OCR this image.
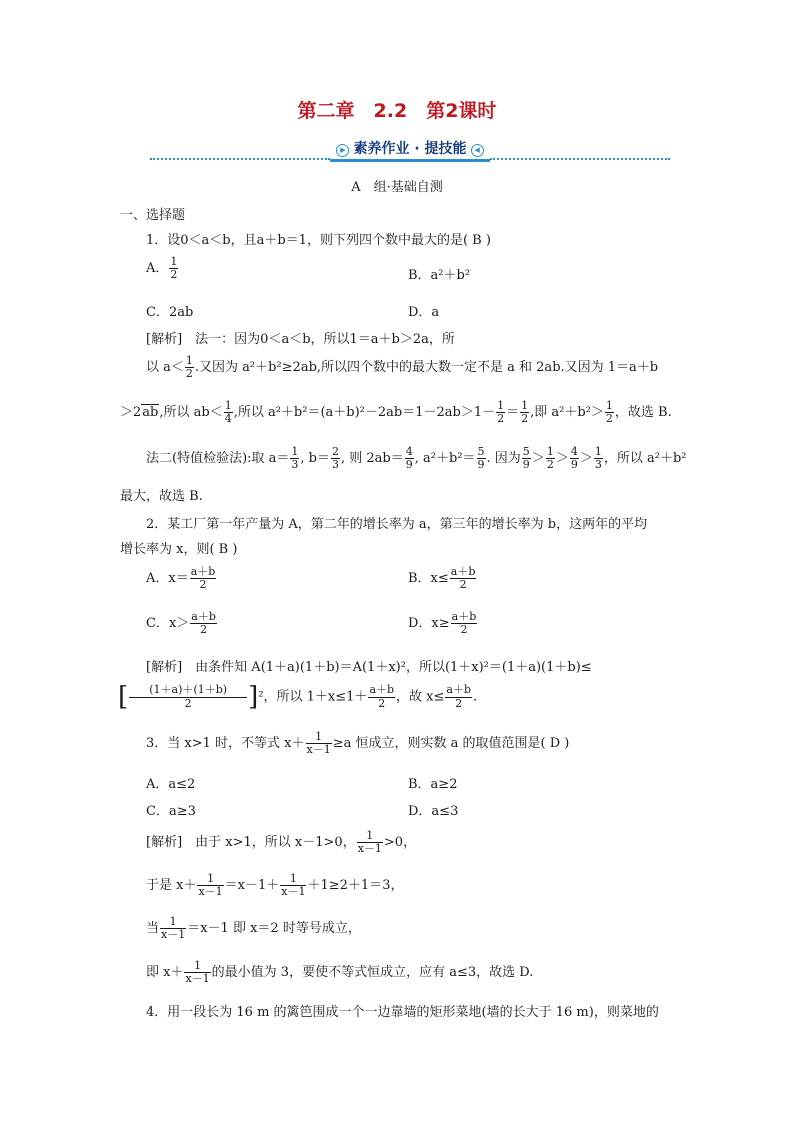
第二章　2.2　第2课时
▶ 素养作业 · 提技能 ◀
A　组·基础自测
一、选择题
1．设0＜a＜b，且a＋b＝1，则下列四个数中最大的是( B )
A． $\frac{1}{2}$	B．a²＋b²
C．2ab	D．a
[解析]　 法一：因为0＜a＜b，所以1＝a＋b＞2a，所
以 $a< \frac{1}{2}$ .又因为 a²＋b²≥2ab,所以四个数中的最大数一定不是 a 和 2ab.又因为 1＝a＋b
＞2ab,所以 $ab< \frac{1}{4}$ ,所以 $a^2+b^2=(a+b)^2-2ab=1-2ab>1- \frac{1}{2} = \frac{1}{2}$ ,即 $a^2+b^2> \frac{1}{2}$ ，故选 B.
法二(特值检验法):取 $a= \frac{1}{3}$ , $b= \frac{2}{3}$ , 则 $2ab= \frac{4}{9}$ , $a^2+b^2= \frac{5}{9}$ . 因为 $\frac{5}{9} > \frac{1}{2} > \frac{4}{9} > \frac{1}{3}$ ，所以 a²＋b²
最大，故选 B.
2．某工厂第一年产量为 A，第二年的增长率为 a，第三年的增长率为 b，这两年的平均
增长率为 x，则( B )
A．$x= \frac{a+b}{2}$	B．$x\le \frac{a+b}{2}$
C．$x> \frac{a+b}{2}$	D．$x\ge \frac{a+b}{2}$
[解析]　 由条件知 A(1＋a)(1＋b)＝A(1＋x)²，所以(1＋x)²＝(1＋a)(1＋b)≤
[ $\frac{(1+a)+(1+b)}{2} ]^2$，所以 $1+x\le 1+ \frac{a+b}{2}$ ，故 $x\le \frac{a+b}{2}$ .
3．当 x>1 时，不等式 $x+ \frac{1}{x-1} \ge a$ 恒成立，则实数 a 的取值范围是( D )
A．a≤2	B．a≥2
C．a≥3	D．a≤3
[解析]　 由于 x>1，所以 x－1>0， $\frac{1}{x-1} >0$，
于是 $x+ \frac{1}{x-1} =x-1+ \frac{1}{x-1} +1\ge 2+1=3$，
当 $\frac{1}{x-1} =x-1$ 即 x＝2 时等号成立，
即 $x+ \frac{1}{x-1}$ 的最小值为 3，要使不等式恒成立，应有 a≤3，故选 D.
4．用一段长为 16 m 的篱笆围成一个一边靠墙的矩形菜地(墙的长大于 16 m)，则菜地的
